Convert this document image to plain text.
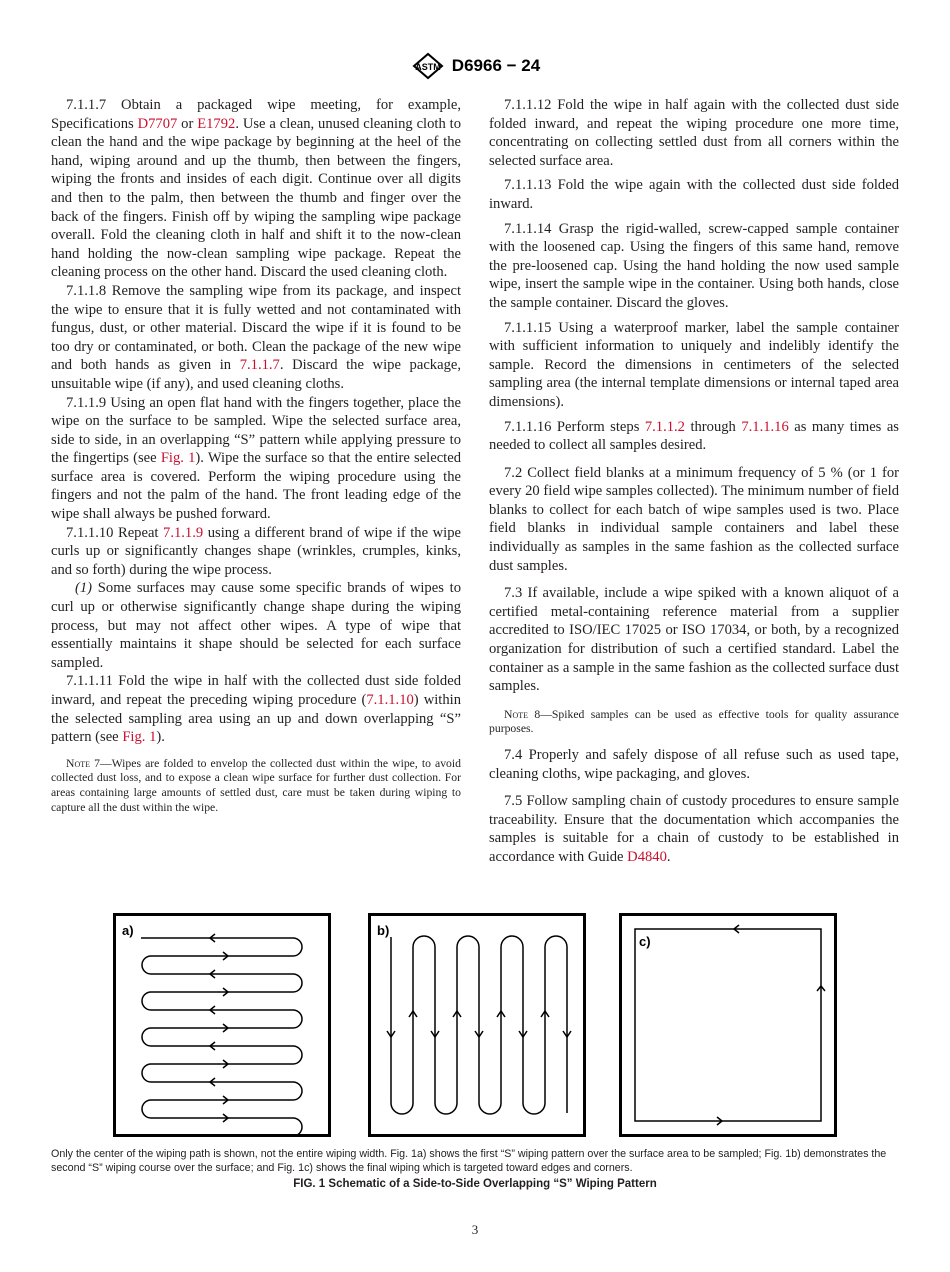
ASTM D6966 − 24

7.1.1.7 Obtain a packaged wipe meeting, for example, Specifications D7707 or E1792. Use a clean, unused cleaning cloth to clean the hand and the wipe package by beginning at the heel of the hand, wiping around and up the thumb, then between the fingers, wiping the fronts and insides of each digit. Continue over all digits and then to the palm, then between the thumb and finger over the back of the fingers. Finish off by wiping the sampling wipe package overall. Fold the cleaning cloth in half and shift it to the now-clean hand holding the now-clean sampling wipe package. Repeat the cleaning process on the other hand. Discard the used cleaning cloth.

7.1.1.8 Remove the sampling wipe from its package, and inspect the wipe to ensure that it is fully wetted and not contaminated with fungus, dust, or other material. Discard the wipe if it is found to be too dry or contaminated, or both. Clean the package of the new wipe and both hands as given in 7.1.1.7. Discard the wipe package, unsuitable wipe (if any), and used cleaning cloths.

7.1.1.9 Using an open flat hand with the fingers together, place the wipe on the surface to be sampled. Wipe the selected surface area, side to side, in an overlapping “S” pattern while applying pressure to the fingertips (see Fig. 1). Wipe the surface so that the entire selected surface area is covered. Perform the wiping procedure using the fingers and not the palm of the hand. The front leading edge of the wipe shall always be pushed forward.

7.1.1.10 Repeat 7.1.1.9 using a different brand of wipe if the wipe curls up or significantly changes shape (wrinkles, crumples, kinks, and so forth) during the wipe process.

(1) Some surfaces may cause some specific brands of wipes to curl up or otherwise significantly change shape during the wiping process, but may not affect other wipes. A type of wipe that essentially maintains it shape should be selected for each surface sampled.

7.1.1.11 Fold the wipe in half with the collected dust side folded inward, and repeat the preceding wiping procedure (7.1.1.10) within the selected sampling area using an up and down overlapping “S” pattern (see Fig. 1).

Note 7—Wipes are folded to envelop the collected dust within the wipe, to avoid collected dust loss, and to expose a clean wipe surface for further dust collection. For areas containing large amounts of settled dust, care must be taken during wiping to capture all the dust within the wipe.

7.1.1.12 Fold the wipe in half again with the collected dust side folded inward, and repeat the wiping procedure one more time, concentrating on collecting settled dust from all corners within the selected surface area.

7.1.1.13 Fold the wipe again with the collected dust side folded inward.

7.1.1.14 Grasp the rigid-walled, screw-capped sample container with the loosened cap. Using the fingers of this same hand, remove the pre-loosened cap. Using the hand holding the now used sample wipe, insert the sample wipe in the container. Using both hands, close the sample container. Discard the gloves.

7.1.1.15 Using a waterproof marker, label the sample container with sufficient information to uniquely and indelibly identify the sample. Record the dimensions in centimeters of the selected sampling area (the internal template dimensions or internal taped area dimensions).

7.1.1.16 Perform steps 7.1.1.2 through 7.1.1.16 as many times as needed to collect all samples desired.

7.2 Collect field blanks at a minimum frequency of 5 % (or 1 for every 20 field wipe samples collected). The minimum number of field blanks to collect for each batch of wipe samples used is two. Place field blanks in individual sample containers and label these individually as samples in the same fashion as the collected surface dust samples.

7.3 If available, include a wipe spiked with a known aliquot of a certified metal-containing reference material from a supplier accredited to ISO/IEC 17025 or ISO 17034, or both, by a recognized organization for distribution of such a certified standard. Label the container as a sample in the same fashion as the collected surface dust samples.

Note 8—Spiked samples can be used as effective tools for quality assurance purposes.

7.4 Properly and safely dispose of all refuse such as used tape, cleaning cloths, wipe packaging, and gloves.

7.5 Follow sampling chain of custody procedures to ensure sample traceability. Ensure that the documentation which accompanies the samples is suitable for a chain of custody to be established in accordance with Guide D4840.

a)	b)
c)
Only the center of the wiping path is shown, not the entire wiping width. Fig. 1a) shows the first “S” wiping pattern over the surface area to be sampled; Fig. 1b) demonstrates the second “S” wiping course over the surface; and Fig. 1c) shows the final wiping which is targeted toward edges and corners.
FIG. 1 Schematic of a Side-to-Side Overlapping “S” Wiping Pattern
3
